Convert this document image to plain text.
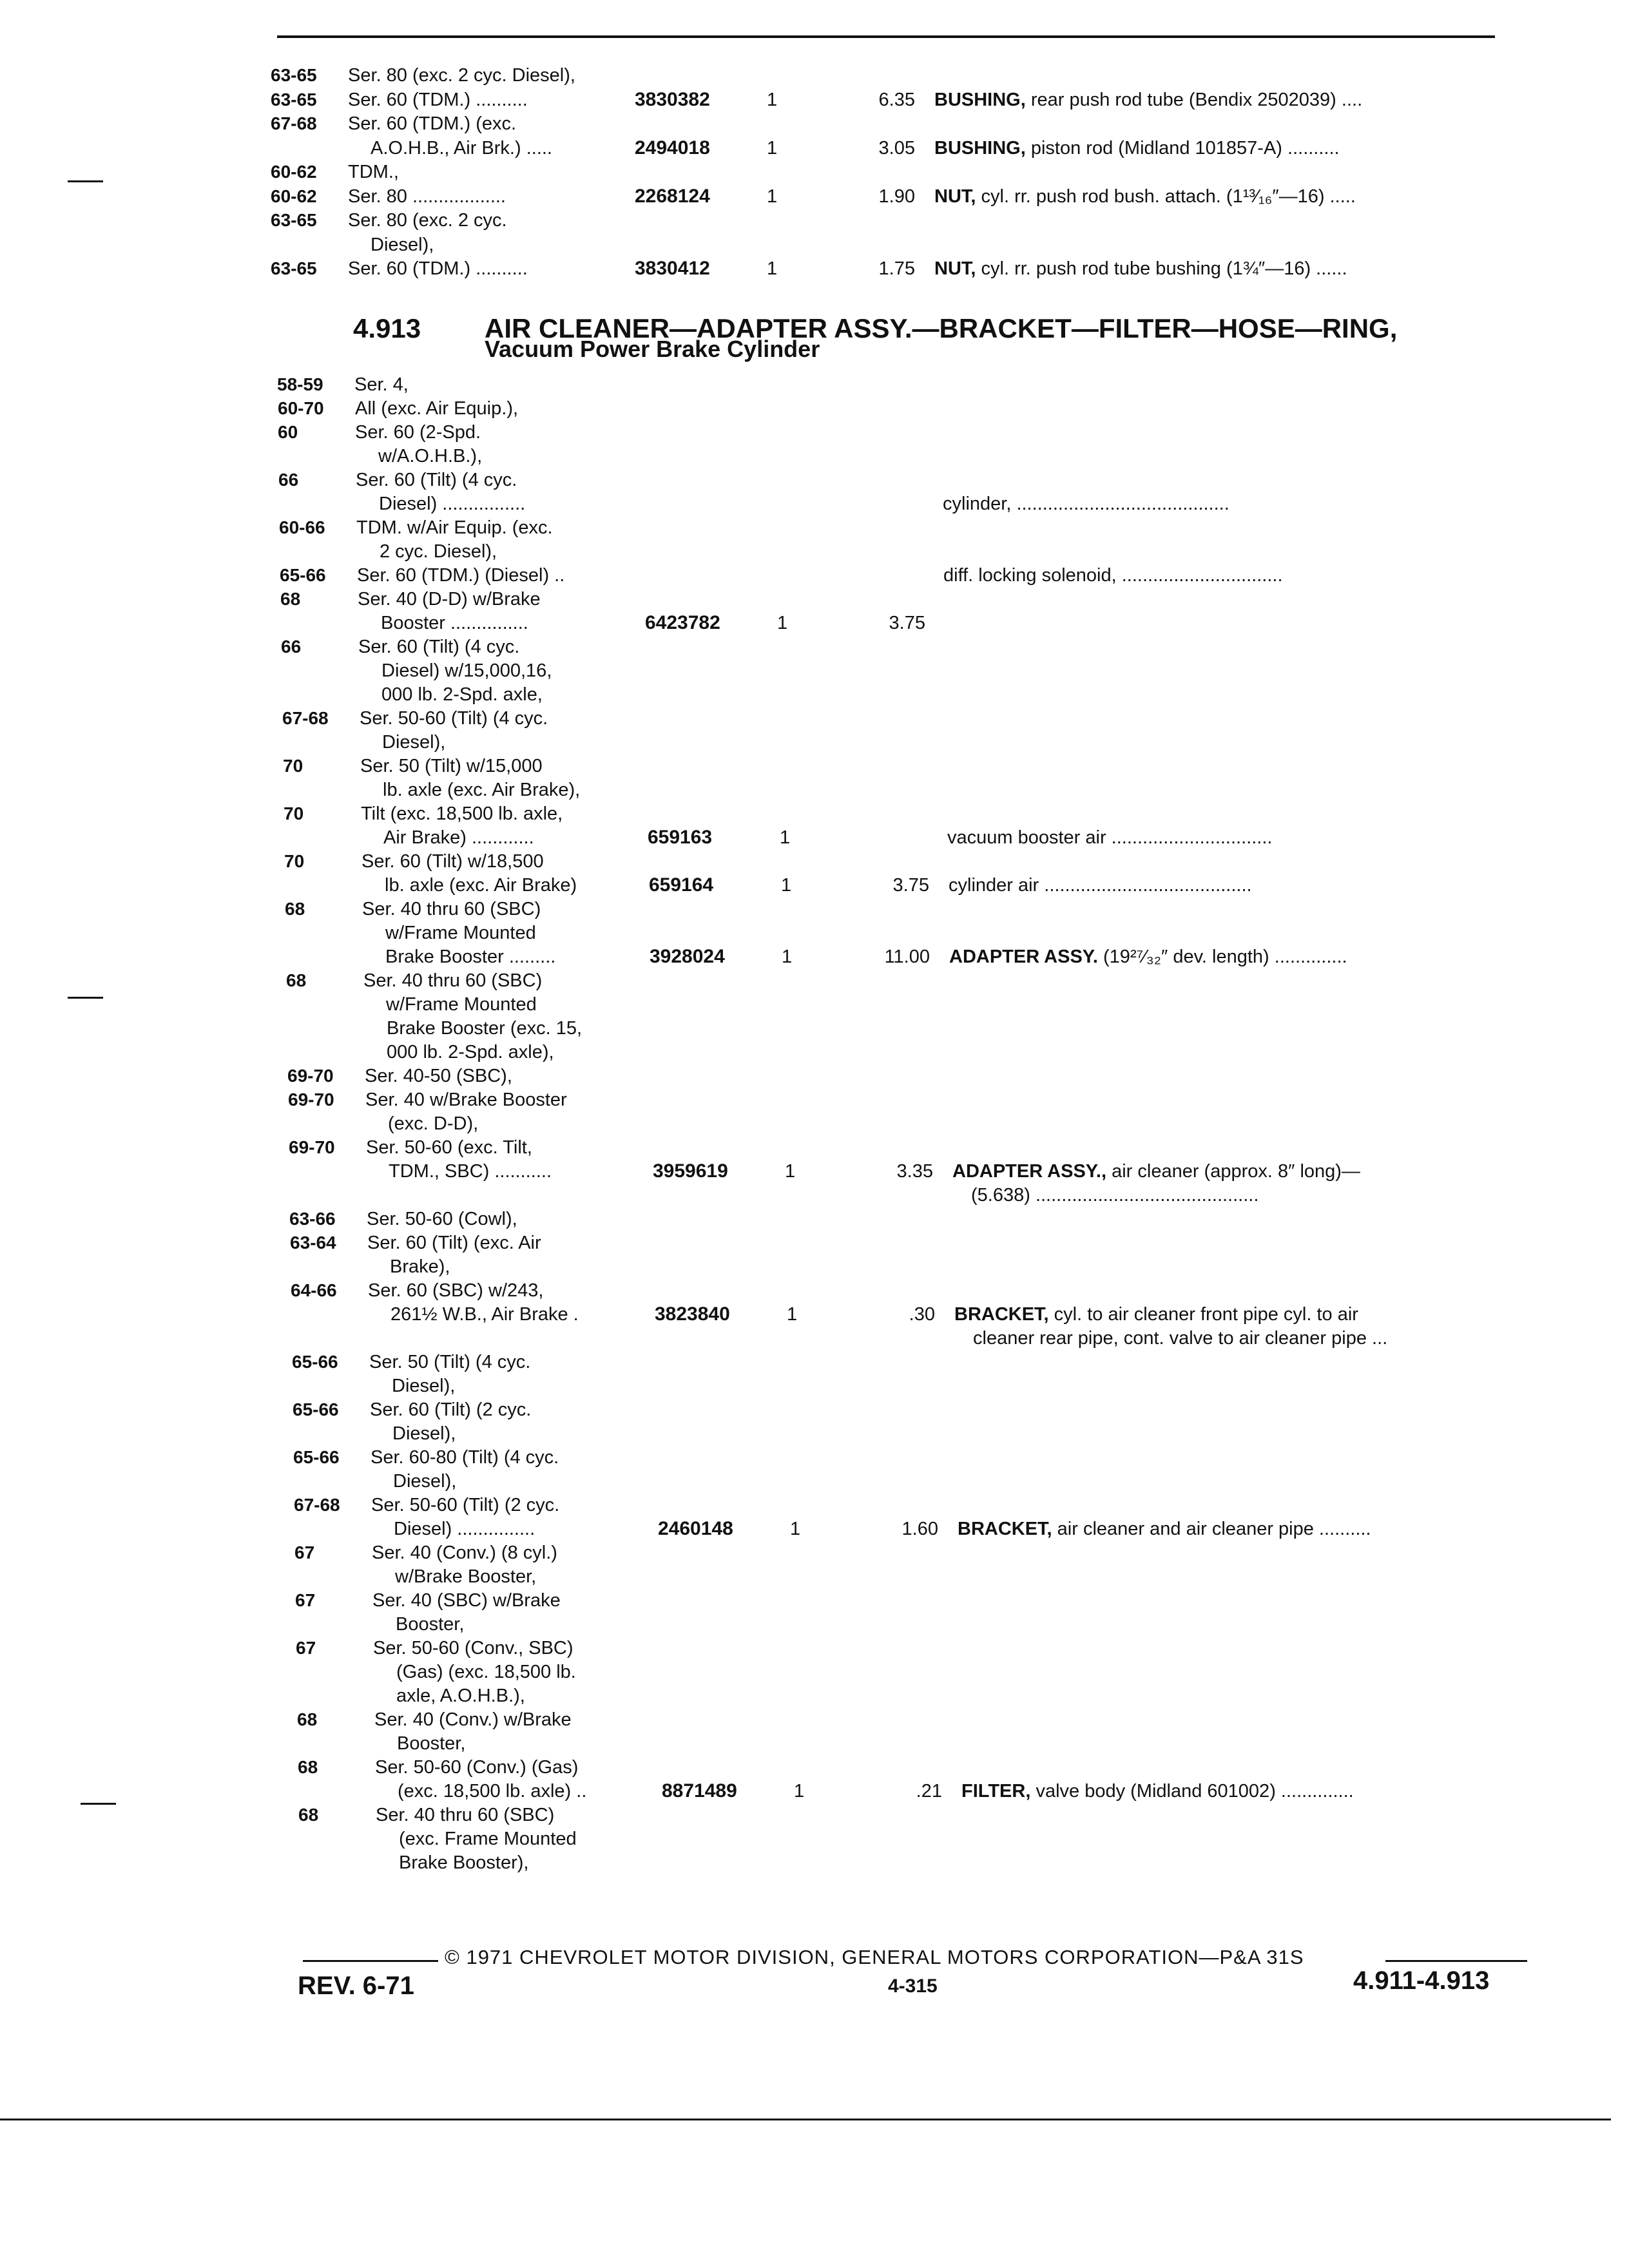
63-65 Ser. 80 (exc. 2 cyc. Diesel),
63-65 Ser. 60 (TDM.) ..........	3830382	1	6.35 BUSHING, rear push rod tube (Bendix 2502039) ....
67-68 Ser. 60 (TDM.) (exc.
A.O.H.B., Air Brk.) .....	2494018	1	3.05 BUSHING, piston rod (Midland 101857-A) ..........
60-62 TDM.,
60-62 Ser. 80 ..................	2268124	1	1.90 NUT, cyl. rr. push rod bush. attach. (1¹³⁄₁₆″—16) .....
63-65 Ser. 80 (exc. 2 cyc.
Diesel),
63-65 Ser. 60 (TDM.) ..........	3830412	1	1.75 NUT, cyl. rr. push rod tube bushing (1¾″—16) ......
4.913 AIR CLEANER—ADAPTER ASSY.—BRACKET—FILTER—HOSE—RING,
Vacuum Power Brake Cylinder
58-59 Ser. 4,
60-70 All (exc. Air Equip.),
60	Ser. 60 (2-Spd.
w/A.O.H.B.),
66	Ser. 60 (Tilt) (4 cyc.
Diesel) ................	cylinder, .........................................
60-66 TDM. w/Air Equip. (exc.
2 cyc. Diesel),
65-66 Ser. 60 (TDM.) (Diesel) ..	diff. locking solenoid, ...............................
68	Ser. 40 (D-D) w/Brake
Booster ...............	6423782	1	3.75
66	Ser. 60 (Tilt) (4 cyc.
Diesel) w/15,000,16,
000 lb. 2-Spd. axle,
67-68 Ser. 50-60 (Tilt) (4 cyc.
Diesel),
70	Ser. 50 (Tilt) w/15,000
lb. axle (exc. Air Brake),
70	Tilt (exc. 18,500 lb. axle,
Air Brake) ............	659163	1	vacuum booster air ...............................
70	Ser. 60 (Tilt) w/18,500
lb. axle (exc. Air Brake)	659164	1	3.75 cylinder air ........................................
68	Ser. 40 thru 60 (SBC)
w/Frame Mounted
Brake Booster .........	3928024	1	11.00 ADAPTER ASSY. (19²⁷⁄₃₂″ dev. length) ..............
68	Ser. 40 thru 60 (SBC)
w/Frame Mounted
Brake Booster (exc. 15,
000 lb. 2-Spd. axle),
69-70 Ser. 40-50 (SBC),
69-70 Ser. 40 w/Brake Booster
(exc. D-D),
69-70 Ser. 50-60 (exc. Tilt,
TDM., SBC) ...........	3959619	1	3.35 ADAPTER ASSY., air cleaner (approx. 8″ long)—
(5.638) ...........................................
63-66 Ser. 50-60 (Cowl),
63-64 Ser. 60 (Tilt) (exc. Air
Brake),
64-66 Ser. 60 (SBC) w/243,
261½ W.B., Air Brake .	3823840	1	.30 BRACKET, cyl. to air cleaner front pipe cyl. to air
cleaner rear pipe, cont. valve to air cleaner pipe ...
65-66 Ser. 50 (Tilt) (4 cyc.
Diesel),
65-66 Ser. 60 (Tilt) (2 cyc.
Diesel),
65-66 Ser. 60-80 (Tilt) (4 cyc.
Diesel),
67-68 Ser. 50-60 (Tilt) (2 cyc.
Diesel) ...............	2460148	1	1.60 BRACKET, air cleaner and air cleaner pipe ..........
67	Ser. 40 (Conv.) (8 cyl.)
w/Brake Booster,
67	Ser. 40 (SBC) w/Brake
Booster,
67	Ser. 50-60 (Conv., SBC)
(Gas) (exc. 18,500 lb.
axle, A.O.H.B.),
68	Ser. 40 (Conv.) w/Brake
Booster,
68	Ser. 50-60 (Conv.) (Gas)
(exc. 18,500 lb. axle) ..	8871489	1	.21 FILTER, valve body (Midland 601002) ..............
68	Ser. 40 thru 60 (SBC)
(exc. Frame Mounted
Brake Booster),
© 1971 CHEVROLET MOTOR DIVISION, GENERAL MOTORS CORPORATION—P&A 31S
REV. 6-71	4-315	4.911-4.913
